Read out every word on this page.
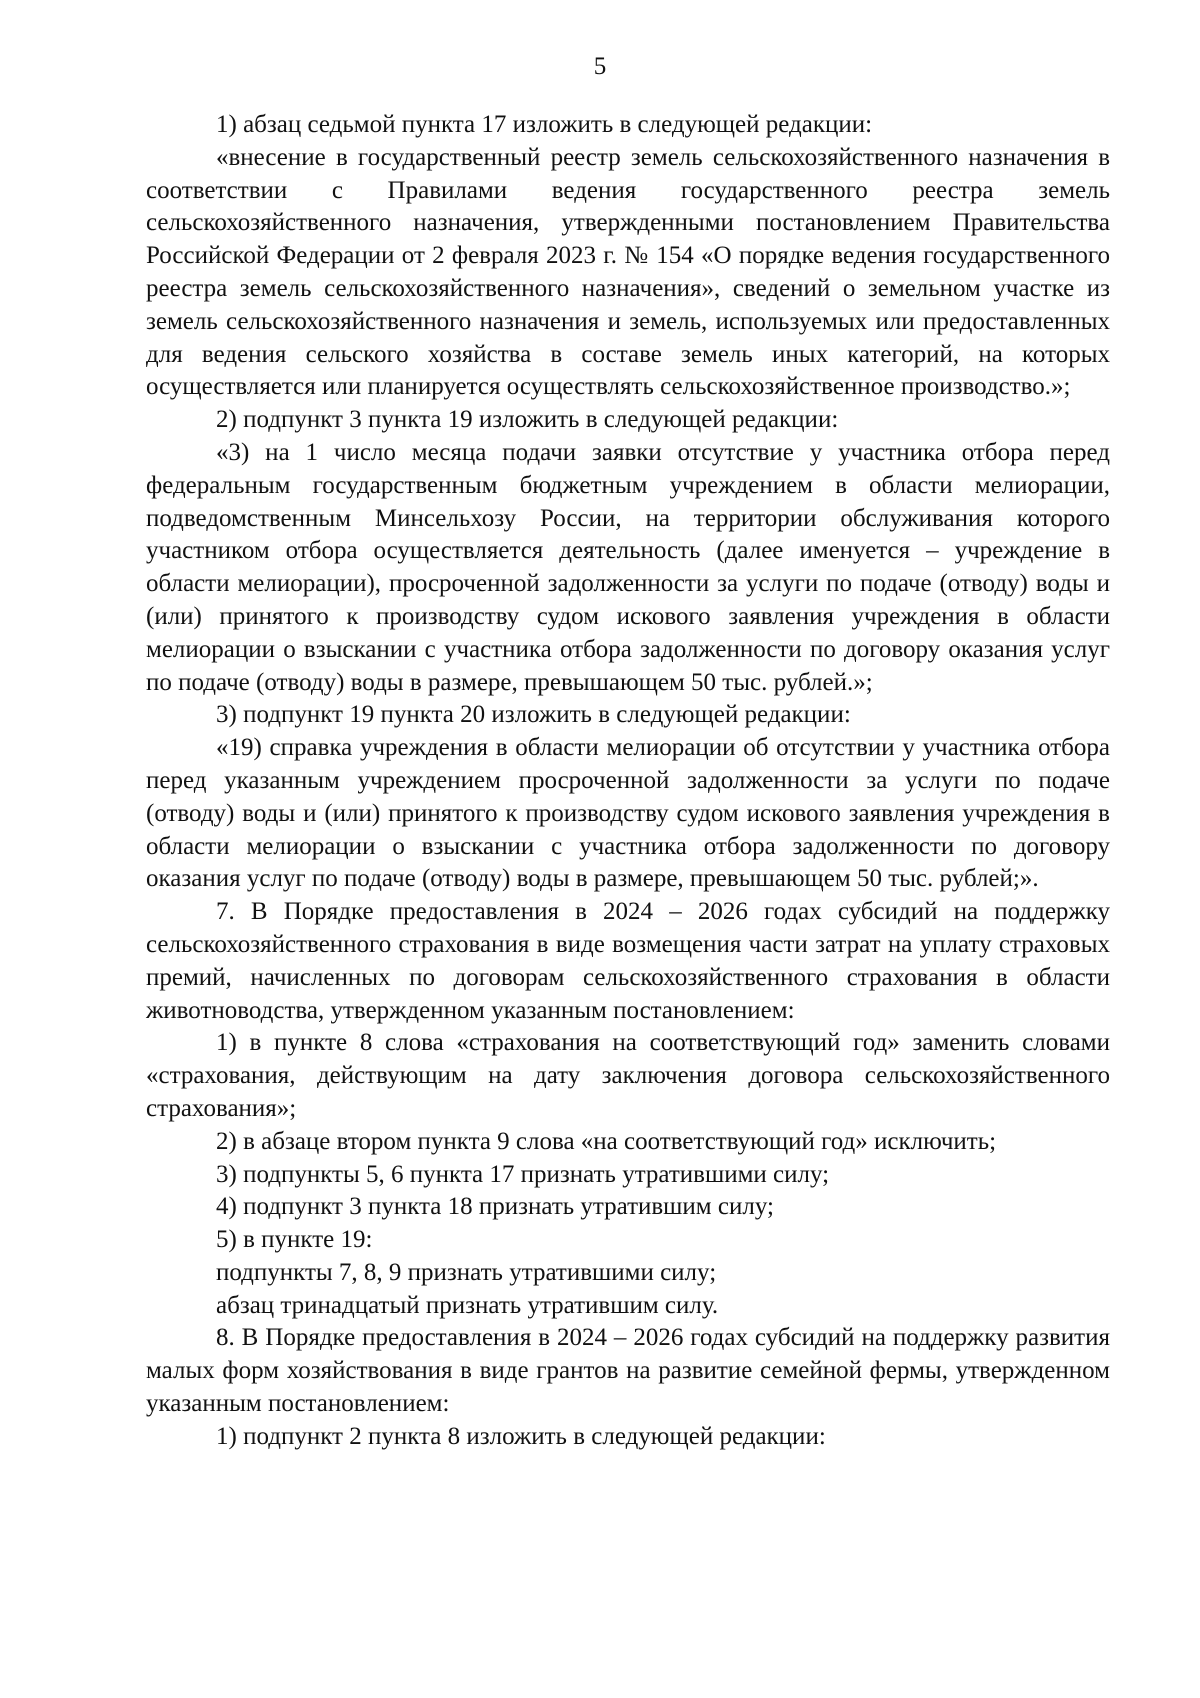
5

1) абзац седьмой пункта 17 изложить в следующей редакции:

«внесение в государственный реестр земель сельскохозяйственного назначения в соответствии с Правилами ведения государственного реестра земель сельскохозяйственного назначения, утвержденными постановлением Правительства Российской Федерации от 2 февраля 2023 г. № 154 «О порядке ведения государственного реестра земель сельскохозяйственного назначения», сведений о земельном участке из земель сельскохозяйственного назначения и земель, используемых или предоставленных для ведения сельского хозяйства в составе земель иных категорий, на которых осуществляется или планируется осуществлять сельскохозяйственное производство.»;

2) подпункт 3 пункта 19 изложить в следующей редакции:

«3) на 1 число месяца подачи заявки отсутствие у участника отбора перед федеральным государственным бюджетным учреждением в области мелиорации, подведомственным Минсельхозу России, на территории обслуживания которого участником отбора осуществляется деятельность (далее именуется – учреждение в области мелиорации), просроченной задолженности за услуги по подаче (отводу) воды и (или) принятого к производству судом искового заявления учреждения в области мелиорации о взыскании с участника отбора задолженности по договору оказания услуг по подаче (отводу) воды в размере, превышающем 50 тыс. рублей.»;

3) подпункт 19 пункта 20 изложить в следующей редакции:

«19) справка учреждения в области мелиорации об отсутствии у участника отбора перед указанным учреждением просроченной задолженности за услуги по подаче (отводу) воды и (или) принятого к производству судом искового заявления учреждения в области мелиорации о взыскании с участника отбора задолженности по договору оказания услуг по подаче (отводу) воды в размере, превышающем 50 тыс. рублей;».

7. В Порядке предоставления в 2024 – 2026 годах субсидий на поддержку сельскохозяйственного страхования в виде возмещения части затрат на уплату страховых премий, начисленных по договорам сельскохозяйственного страхования в области животноводства, утвержденном указанным постановлением:

1) в пункте 8 слова «страхования на соответствующий год» заменить словами «страхования, действующим на дату заключения договора сельскохозяйственного страхования»;

2) в абзаце втором пункта 9 слова «на соответствующий год» исключить;

3) подпункты 5, 6 пункта 17 признать утратившими силу;

4) подпункт 3 пункта 18 признать утратившим силу;

5) в пункте 19:

подпункты 7, 8, 9 признать утратившими силу;

абзац тринадцатый признать утратившим силу.

8. В Порядке предоставления в 2024 – 2026 годах субсидий на поддержку развития малых форм хозяйствования в виде грантов на развитие семейной фермы, утвержденном указанным постановлением:

1) подпункт 2 пункта 8 изложить в следующей редакции:
